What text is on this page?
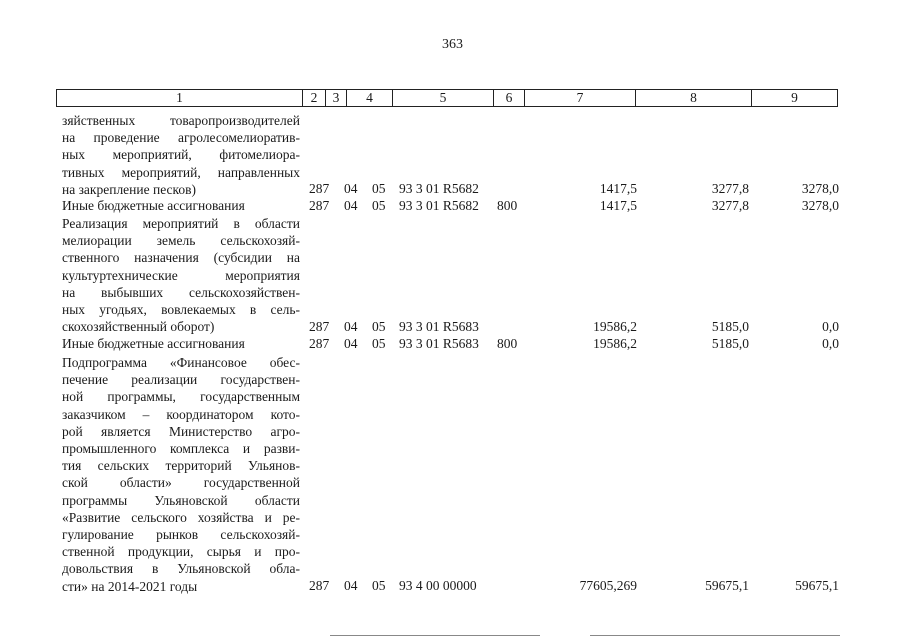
363
1	2	3	4	5	6	7	8	9
зяйственных товаропроизводителей
на проведение агролесомелиоратив-
ных мероприятий, фитомелиора-
тивных мероприятий, направленных
на закрепление песков)	287 04 05 93 3 01 R5682	1417,5	3277,8	3278,0
Иные бюджетные ассигнования	287 04 05 93 3 01 R5682 800	1417,5	3277,8	3278,0
Реализация мероприятий в области
мелиорации земель сельскохозяй-
ственного назначения (субсидии на
культуртехнические мероприятия
на выбывших сельскохозяйствен-
ных угодьях, вовлекаемых в сель-
скохозяйственный оборот)	287 04 05 93 3 01 R5683	19586,2	5185,0	0,0
Иные бюджетные ассигнования	287 04 05 93 3 01 R5683 800	19586,2	5185,0	0,0
Подпрограмма «Финансовое обес-
печение реализации государствен-
ной программы, государственным
заказчиком – координатором кото-
рой является Министерство агро-
промышленного комплекса и разви-
тия сельских территорий Ульянов-
ской области» государственной
программы Ульяновской области
«Развитие сельского хозяйства и ре-
гулирование рынков сельскохозяй-
ственной продукции, сырья и про-
довольствия в Ульяновской обла-
сти» на 2014-2021 годы	287 04 05 93 4 00 00000	77605,269	59675,1	59675,1
